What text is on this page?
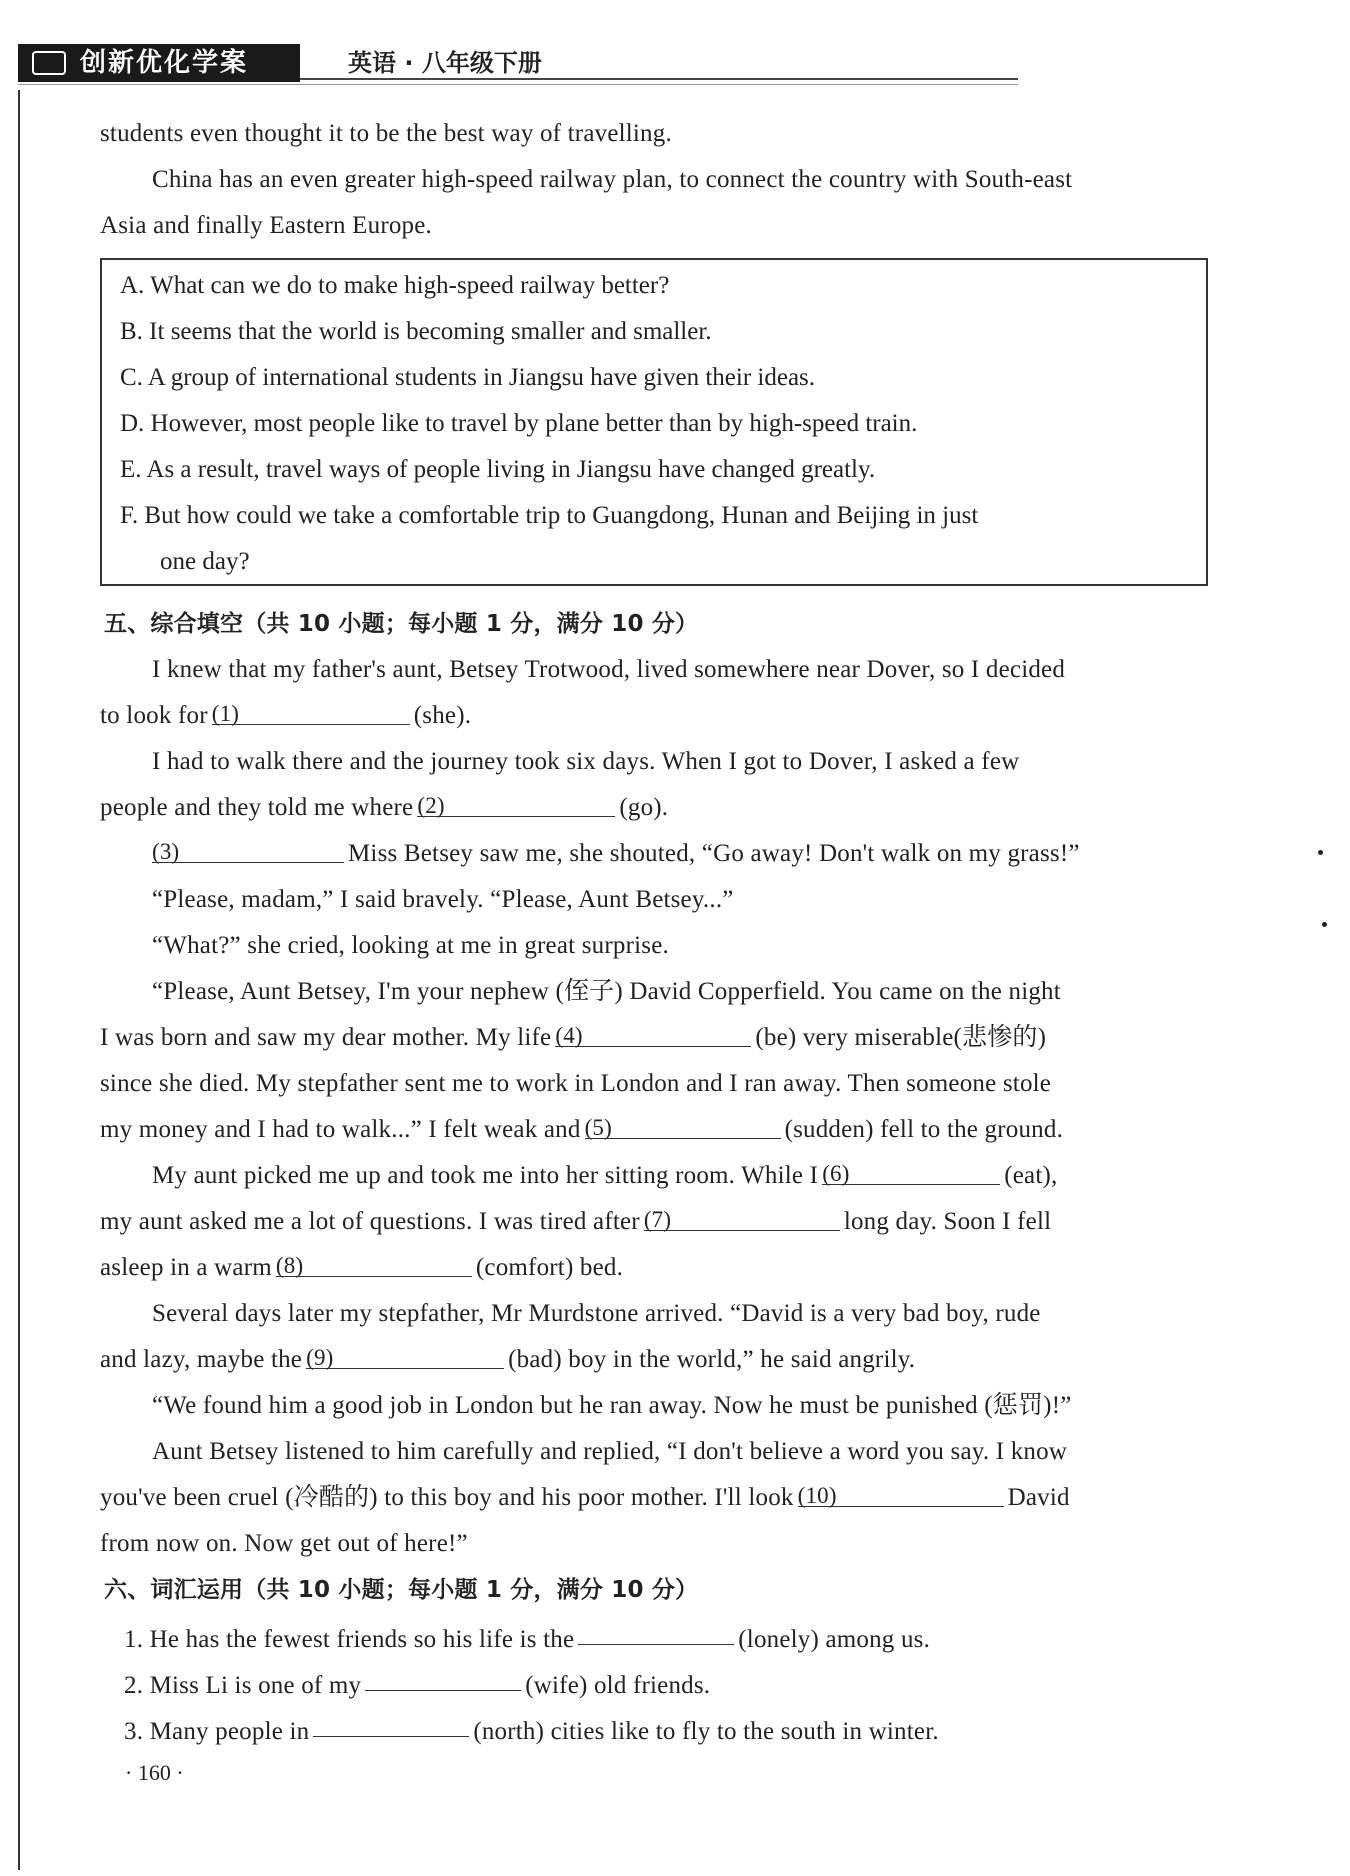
创新优化学案	英语 · 八年级下册
students even thought it to be the best way of travelling.
China has an even greater high-speed railway plan, to connect the country with South-east
Asia and finally Eastern Europe.
A. What can we do to make high-speed railway better?
B. It seems that the world is becoming smaller and smaller.
C. A group of international students in Jiangsu have given their ideas.
D. However, most people like to travel by plane better than by high-speed train.
E. As a result, travel ways of people living in Jiangsu have changed greatly.
F. But how could we take a comfortable trip to Guangdong, Hunan and Beijing in just
one day?
五、综合填空（共 10 小题；每小题 1 分，满分 10 分）
I knew that my father's aunt, Betsey Trotwood, lived somewhere near Dover, so I decided
to look for (1)	(she).
I had to walk there and the journey took six days. When I got to Dover, I asked a few
people and they told me where (2)	(go).
(3)	Miss Betsey saw me, she shouted, “Go away! Don't walk on my grass!”
“Please, madam,” I said bravely. “Please, Aunt Betsey...”
“What?” she cried, looking at me in great surprise.
“Please, Aunt Betsey, I'm your nephew (侄子) David Copperfield. You came on the night
I was born and saw my dear mother. My life (4)	(be) very miserable(悲惨的)
since she died. My stepfather sent me to work in London and I ran away. Then someone stole
my money and I had to walk...” I felt weak and (5)	(sudden) fell to the ground.
My aunt picked me up and took me into her sitting room. While I (6)	(eat),
my aunt asked me a lot of questions. I was tired after (7)	long day. Soon I fell
asleep in a warm (8)	(comfort) bed.
Several days later my stepfather, Mr Murdstone arrived. “David is a very bad boy, rude
and lazy, maybe the (9)	(bad) boy in the world,” he said angrily.
“We found him a good job in London but he ran away. Now he must be punished (惩罚)!”
Aunt Betsey listened to him carefully and replied, “I don't believe a word you say. I know
you've been cruel (冷酷的) to this boy and his poor mother. I'll look (10)	David
from now on. Now get out of here!”
六、词汇运用（共 10 小题；每小题 1 分，满分 10 分）
1. He has the fewest friends so his life is the	(lonely) among us.
2. Miss Li is one of my	(wife) old friends.
3. Many people in	(north) cities like to fly to the south in winter.
· 160 ·
